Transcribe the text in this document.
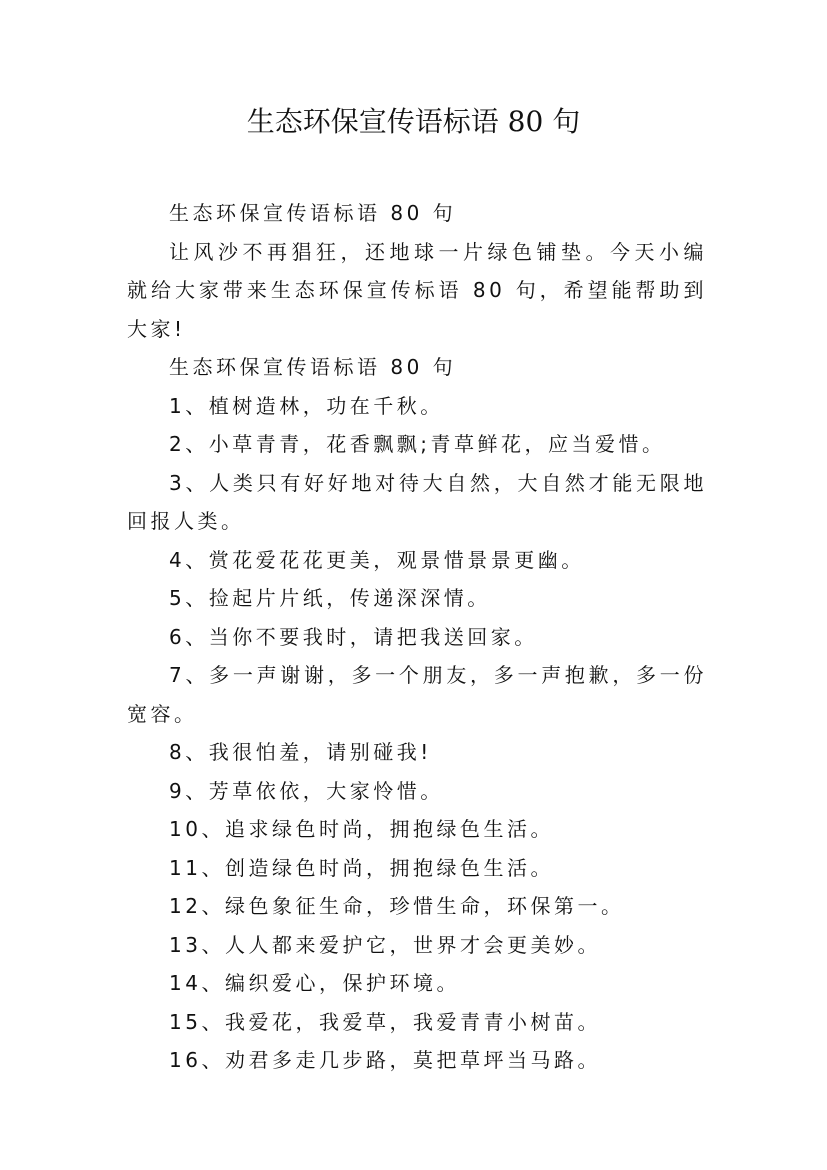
生态环保宣传语标语 80 句

生态环保宣传语标语 80 句

让风沙不再猖狂，还地球一片绿色铺垫。今天小编就给大家带来生态环保宣传标语 80 句，希望能帮助到大家!

生态环保宣传语标语 80 句

1、植树造林，功在千秋。

2、小草青青，花香飘飘;青草鲜花，应当爱惜。

3、人类只有好好地对待大自然，大自然才能无限地回报人类。

4、赏花爱花花更美，观景惜景景更幽。

5、捡起片片纸，传递深深情。

6、当你不要我时，请把我送回家。

7、多一声谢谢，多一个朋友，多一声抱歉，多一份宽容。

8、我很怕羞，请别碰我!

9、芳草依依，大家怜惜。

10、追求绿色时尚，拥抱绿色生活。

11、创造绿色时尚，拥抱绿色生活。

12、绿色象征生命，珍惜生命，环保第一。

13、人人都来爱护它，世界才会更美妙。

14、编织爱心，保护环境。

15、我爱花，我爱草，我爱青青小树苗。

16、劝君多走几步路，莫把草坪当马路。
